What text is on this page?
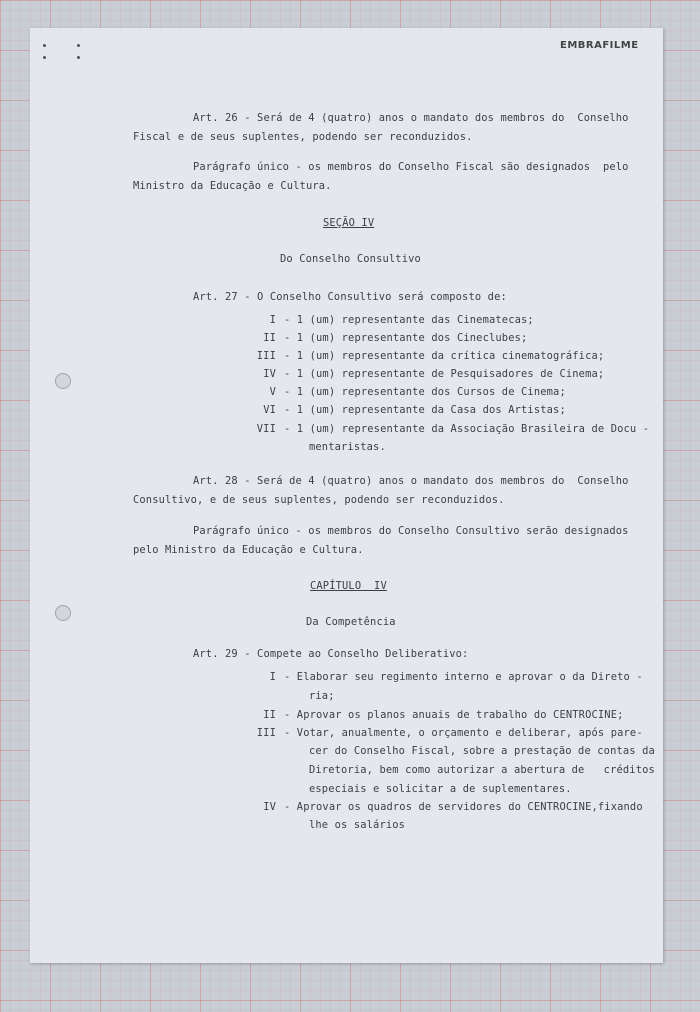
EMBRAFILME
Art. 26 - Será de 4 (quatro) anos o mandato dos membros do  Conselho
Fiscal e de seus suplentes, podendo ser reconduzidos.
Parágrafo único - os membros do Conselho Fiscal são designados  pelo
Ministro da Educação e Cultura.
SEÇÃO IV
Do Conselho Consultivo
Art. 27 - O Conselho Consultivo será composto de:
I - 1 (um) representante das Cinematecas;
II - 1 (um) representante dos Cineclubes;
III - 1 (um) representante da crítica cinematográfica;
IV - 1 (um) representante de Pesquisadores de Cinema;
V - 1 (um) representante dos Cursos de Cinema;
VI - 1 (um) representante da Casa dos Artistas;
VII - 1 (um) representante da Associação Brasileira de Docu -
mentaristas.
Art. 28 - Será de 4 (quatro) anos o mandato dos membros do  Conselho
Consultivo, e de seus suplentes, podendo ser reconduzidos.
Parágrafo único - os membros do Conselho Consultivo serão designados
pelo Ministro da Educação e Cultura.
CAPÍTULO  IV
Da Competência
Art. 29 - Compete ao Conselho Deliberativo:
I - Elaborar seu regimento interno e aprovar o da Direto -
ria;
II - Aprovar os planos anuais de trabalho do CENTROCINE;
III - Votar, anualmente, o orçamento e deliberar, após pare-
cer do Conselho Fiscal, sobre a prestação de contas da
Diretoria, bem como autorizar a abertura de   créditos
especiais e solicitar a de suplementares.
IV - Aprovar os quadros de servidores do CENTROCINE,fixando
lhe os salários
